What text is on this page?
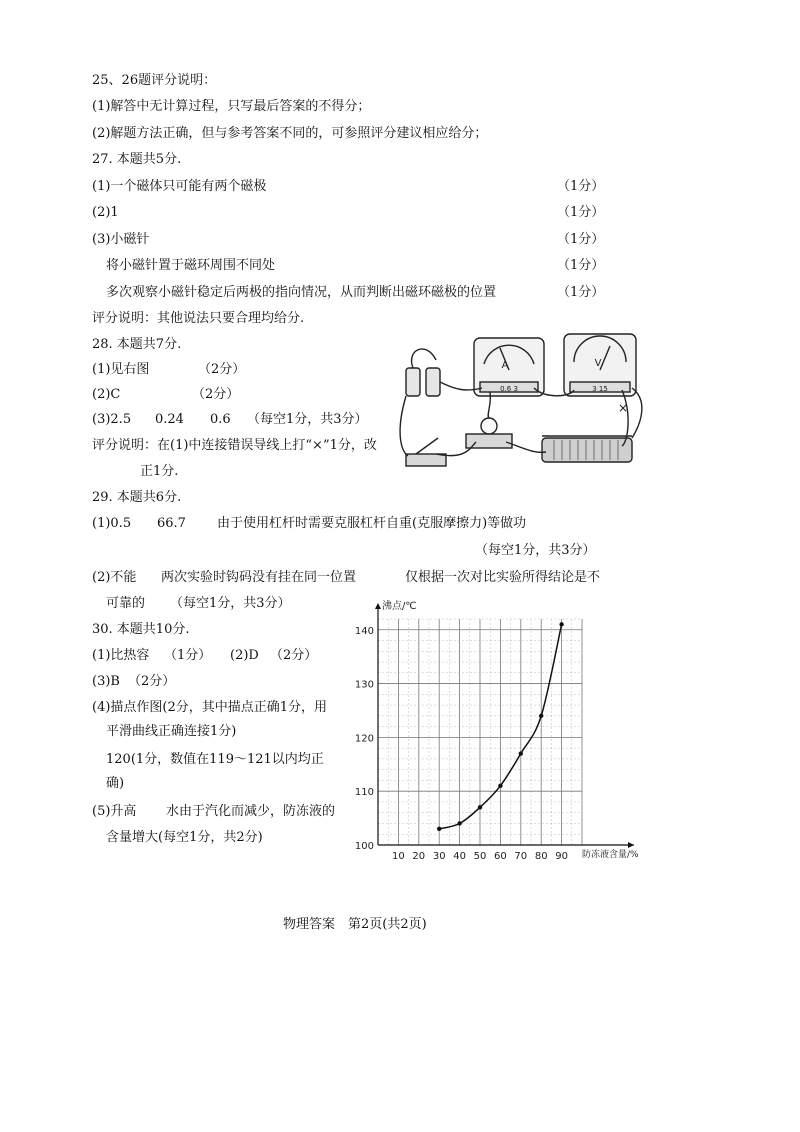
25、26题评分说明：
(1)解答中无计算过程，只写最后答案的不得分；
(2)解题方法正确，但与参考答案不同的，可参照评分建议相应给分；
27. 本题共5分.
(1)一个磁体只可能有两个磁极	（1分）
(2)1	（1分）
(3)小磁针	（1分）
将小磁针置于磁环周围不同处	（1分）
多次观察小磁针稳定后两极的指向情况，从而判断出磁环磁极的位置	（1分）
评分说明：其他说法只要合理均给分.
28. 本题共7分.
(1)见右图	（2分）
(2)C	（2分）
(3)2.5 0.24 0.6 （每空1分，共3分）
评分说明：在(1)中连接错误导线上打“×”1分，改
正1分.
A	V
0.6 3	3 15
×
29. 本题共6分.
(1)0.5 66.7 由于使用杠杆时需要克服杠杆自重(克服摩擦力)等做功
（每空1分，共3分）
(2)不能 两次实验时钩码没有挂在同一位置	仅根据一次对比实验所得结论是不
可靠的 （每空1分，共3分）
30. 本题共10分.
(1)比热容 （1分） (2)D （2分）
(3)B （2分）
(4)描点作图(2分，其中描点正确1分，用
平滑曲线正确连接1分)
120(1分，数值在119～121以内均正
确)
(5)升高 水由于汽化而减少，防冻液的
含量增大(每空1分，共2分)
沸点/℃
防冻液含量/%
100
110
120
130
140
10 20 30 40 50 60 70 80 90
物理答案　第2页(共2页)
